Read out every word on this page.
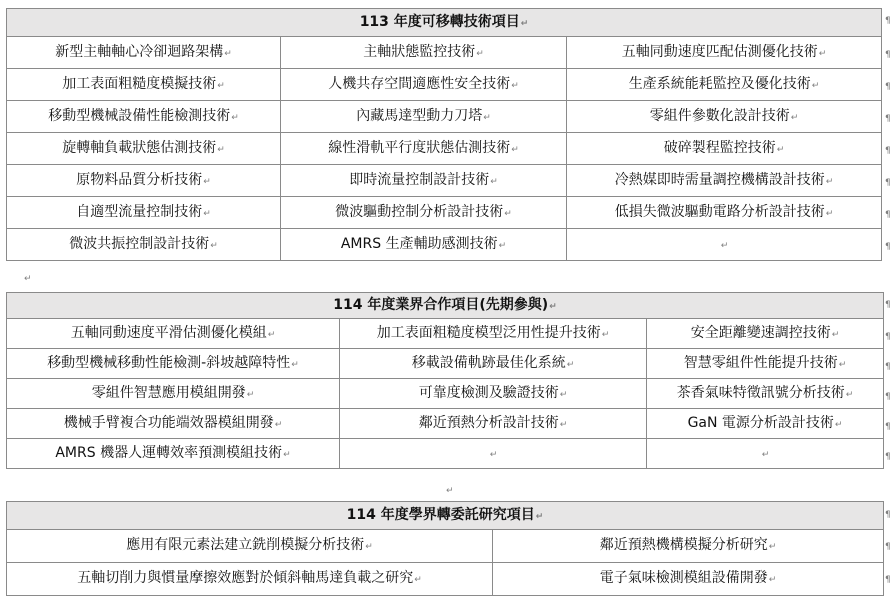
113 年度可移轉技術項目↵		
新型主軸軸心冷卻迴路架構↵	主軸狀態監控技術↵	五軸同動速度匹配估測優化技術↵
加工表面粗糙度模擬技術↵	人機共存空間適應性安全技術↵	生產系統能耗監控及優化技術↵
移動型機械設備性能檢測技術↵	內藏馬達型動力刀塔↵	零組件參數化設計技術↵
旋轉軸負載狀態估測技術↵	線性滑軌平行度狀態估測技術↵	破碎製程監控技術↵
原物料品質分析技術↵	即時流量控制設計技術↵	冷熱媒即時需量調控機構設計技術↵
自適型流量控制技術↵	微波驅動控制分析設計技術↵	低損失微波驅動電路分析設計技術↵
微波共振控制設計技術↵	AMRS 生產輔助感測技術↵	↵
114 年度業界合作項目(先期參與)↵		
五軸同動速度平滑估測優化模組↵	加工表面粗糙度模型泛用性提升技術↵	安全距離變速調控技術↵
移動型機械移動性能檢測-斜坡越障特性↵	移載設備軌跡最佳化系統↵	智慧零組件性能提升技術↵
零組件智慧應用模組開發↵	可靠度檢測及驗證技術↵	茶香氣味特徵訊號分析技術↵
機械手臂複合功能端效器模組開發↵	鄰近預熱分析設計技術↵	GaN 電源分析設計技術↵
AMRS 機器人運轉效率預測模組技術↵	↵	↵
114 年度學界轉委託研究項目↵	
應用有限元素法建立銑削模擬分析技術↵	鄰近預熱機構模擬分析研究↵
五軸切削力與慣量摩擦效應對於傾斜軸馬達負載之研究↵	電子氣味檢測模組設備開發↵
↵
↵
¶
¶
¶
¶
¶
¶
¶
¶
¶
¶
¶
¶
¶
¶
¶
¶
¶
